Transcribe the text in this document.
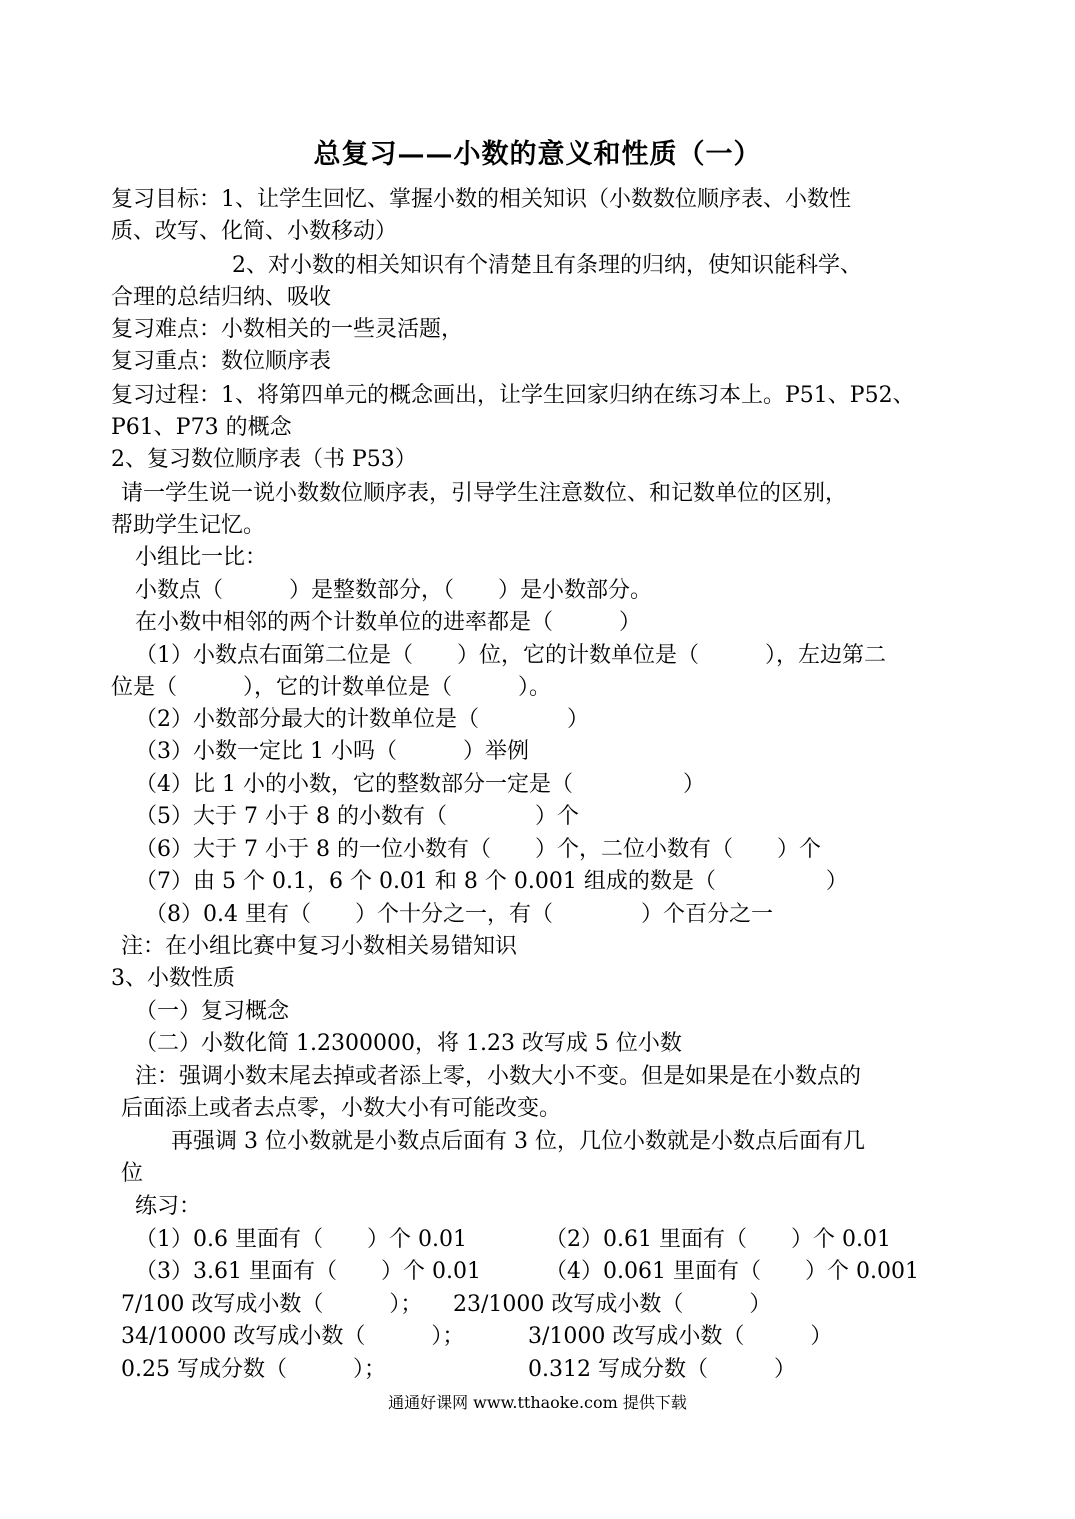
总复习——小数的意义和性质（一）
复习目标：1、让学生回忆、掌握小数的相关知识（小数数位顺序表、小数性
质、改写、化简、小数移动）
2、对小数的相关知识有个清楚且有条理的归纳，使知识能科学、
合理的总结归纳、吸收
复习难点：小数相关的一些灵活题，
复习重点：数位顺序表
复习过程：1、将第四单元的概念画出，让学生回家归纳在练习本上。P51、P52、
P61、P73 的概念
2、复习数位顺序表（书 P53）
请一学生说一说小数数位顺序表，引导学生注意数位、和记数单位的区别，
帮助学生记忆。
小组比一比：
小数点（　　　）是整数部分，（　　）是小数部分。
在小数中相邻的两个计数单位的进率都是（　　　）
（1）小数点右面第二位是（　　）位，它的计数单位是（　　　），左边第二
位是（　　　），它的计数单位是（　　　）。
（2）小数部分最大的计数单位是（　　　　）
（3）小数一定比 1 小吗（　　　）举例
（4）比 1 小的小数，它的整数部分一定是（　　　　　）
（5）大于 7 小于 8 的小数有（　　　　）个
（6）大于 7 小于 8 的一位小数有（　　）个，二位小数有（　　）个
（7）由 5 个 0.1，6 个 0.01 和 8 个 0.001 组成的数是（　　　　　）
（8）0.4 里有（　　）个十分之一，有（　　　　）个百分之一
注：在小组比赛中复习小数相关易错知识
3、小数性质
（一）复习概念
（二）小数化简 1.2300000，将 1.23 改写成 5 位小数
注：强调小数末尾去掉或者添上零，小数大小不变。但是如果是在小数点的
后面添上或者去点零，小数大小有可能改变。
再强调 3 位小数就是小数点后面有 3 位，几位小数就是小数点后面有几
位
练习：
（1）0.6 里面有（　　）个 0.01	（2）0.61 里面有（　　）个 0.01
（3）3.61 里面有（　　）个 0.01	（4）0.061 里面有（　　）个 0.001
7/100 改写成小数（　　　）； 23/1000 改写成小数（　　　）
34/10000 改写成小数（　　　）；	3/1000 改写成小数（　　　）
0.25 写成分数（　　　）；	0.312 写成分数（　　　）
通通好课网 www.tthaoke.com 提供下载
